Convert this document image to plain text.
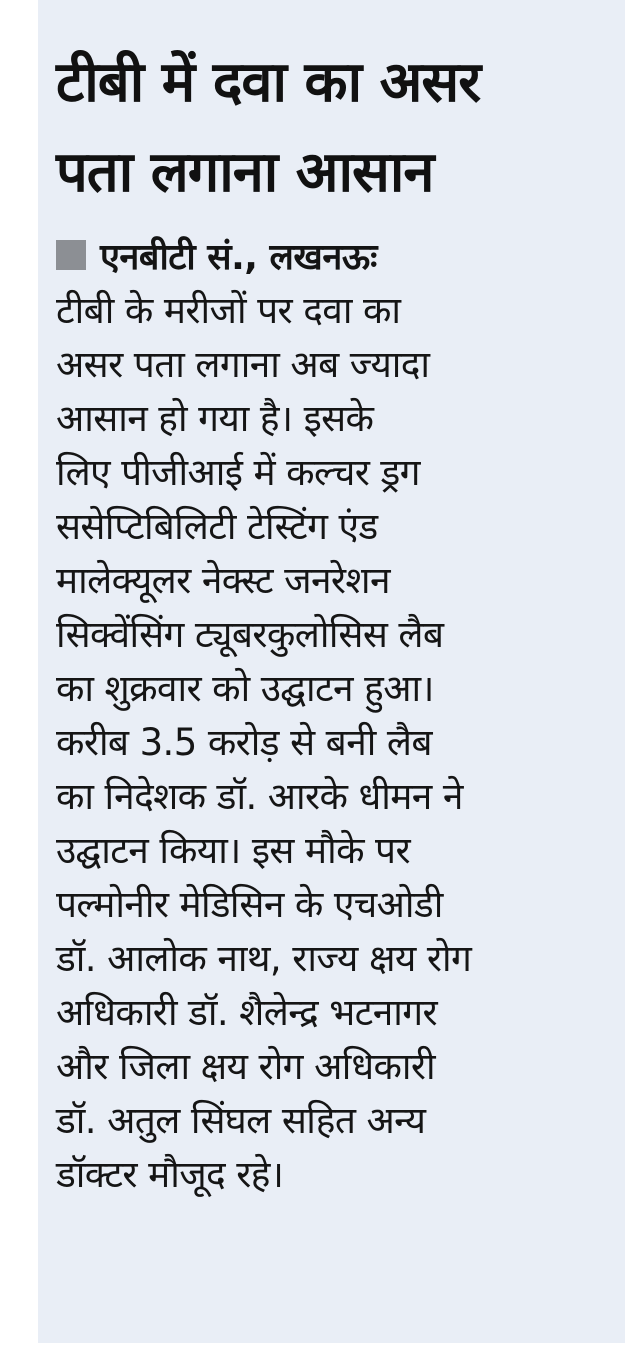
टीबी में दवा का असर
पता लगाना आसान
एनबीटी सं., लखनऊः
टीबी के मरीजों पर दवा का
असर पता लगाना अब ज्यादा
आसान हो गया है। इसके
लिए पीजीआई में कल्चर ड्रग
ससेप्टिबिलिटी टेस्टिंग एंड
मालेक्यूलर नेक्स्ट जनरेशन
सिक्वेंसिंग ट्यूबरकुलोसिस लैब
का शुक्रवार को उद्घाटन हुआ।
करीब 3.5 करोड़ से बनी लैब
का निदेशक डॉ. आरके धीमन ने
उद्घाटन किया। इस मौके पर
पल्मोनीर मेडिसिन के एचओडी
डॉ. आलोक नाथ, राज्य क्षय रोग
अधिकारी डॉ. शैलेन्द्र भटनागर
और जिला क्षय रोग अधिकारी
डॉ. अतुल सिंघल सहित अन्य
डॉक्टर मौजूद रहे।
